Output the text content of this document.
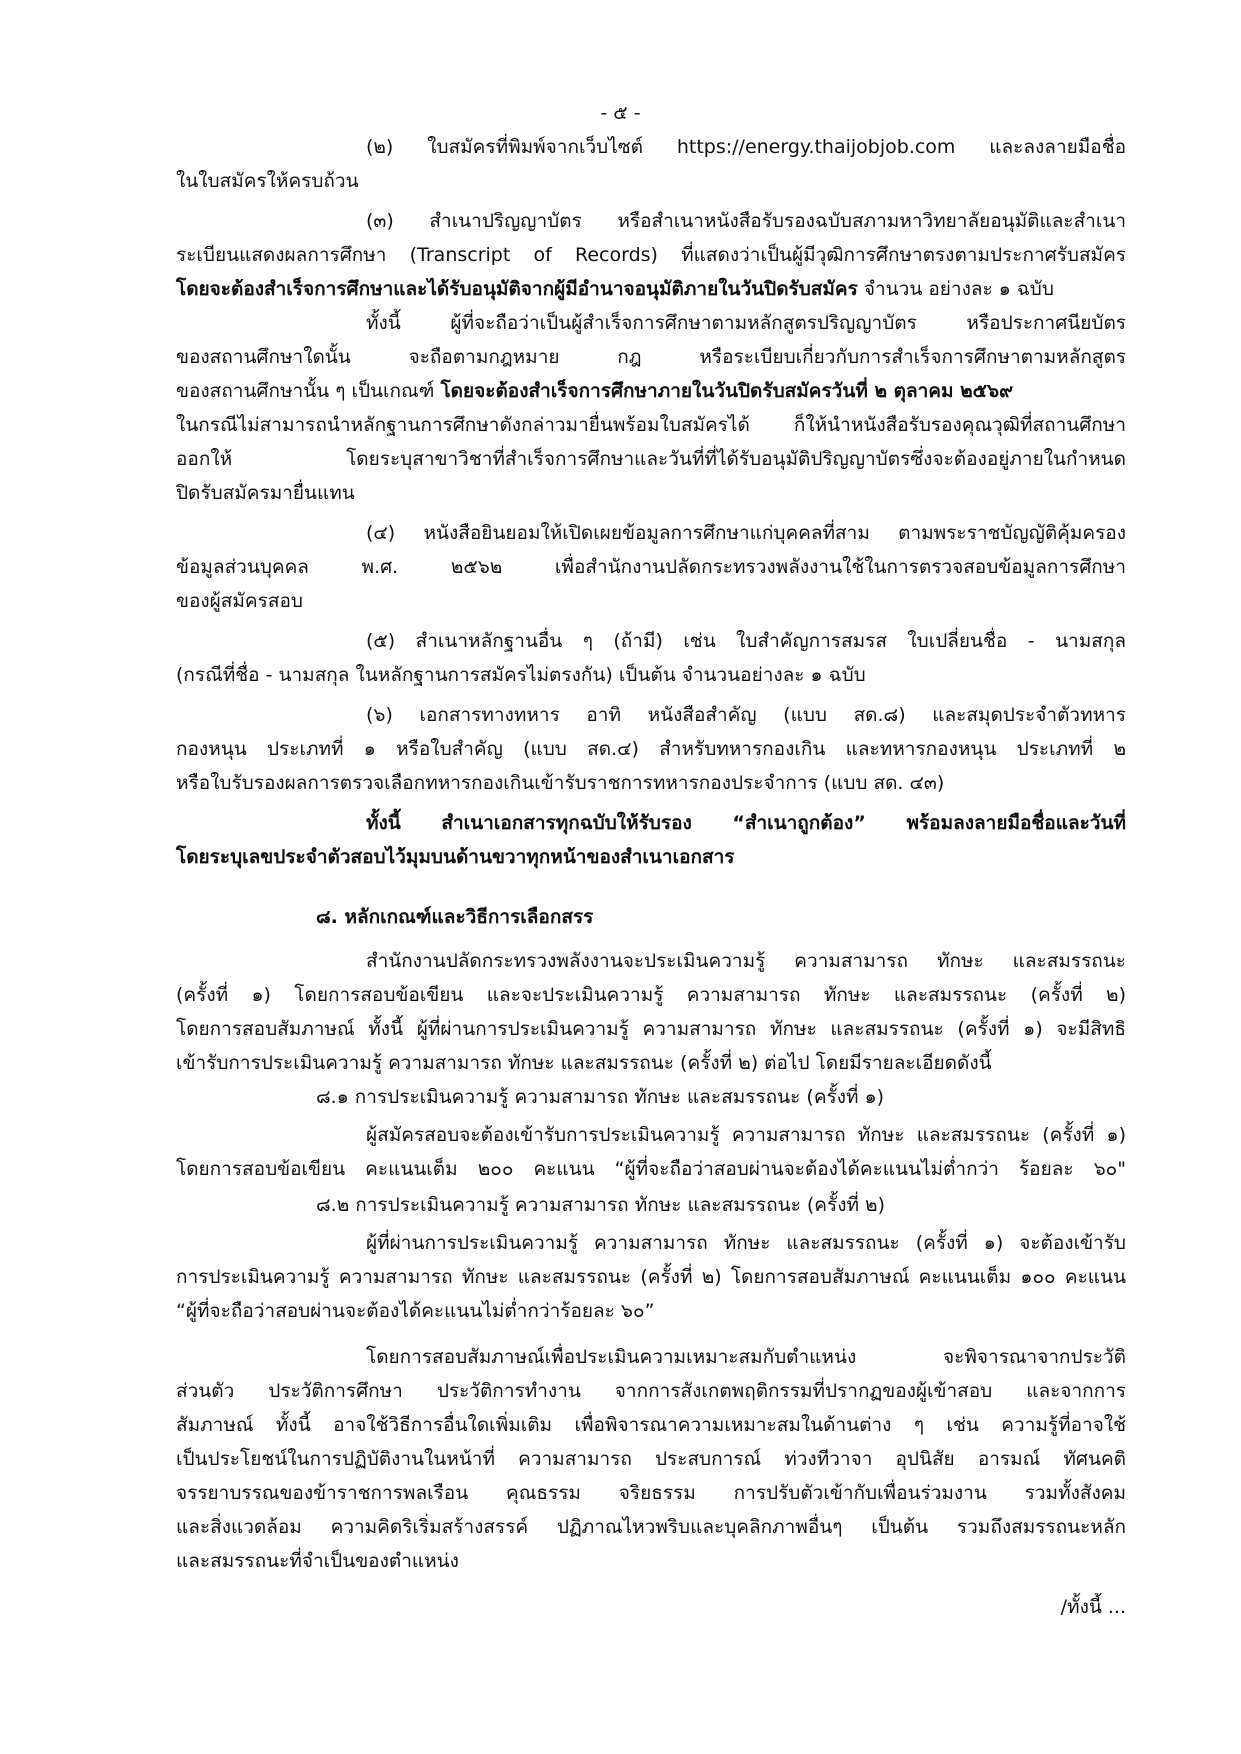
- ๕ -
(๒) ใบสมัครที่พิมพ์จากเว็บไซต์ https://energy.thaijobjob.com และลงลายมือชื่อ
ในใบสมัครให้ครบถ้วน
(๓) สำเนาปริญญาบัตร หรือสำเนาหนังสือรับรองฉบับสภามหาวิทยาลัยอนุมัติและสำเนา
ระเบียนแสดงผลการศึกษา (Transcript of Records) ที่แสดงว่าเป็นผู้มีวุฒิการศึกษาตรงตามประกาศรับสมัคร
โดยจะต้องสำเร็จการศึกษาและได้รับอนุมัติจากผู้มีอำนาจอนุมัติภายในวันปิดรับสมัคร จำนวน อย่างละ ๑ ฉบับ
ทั้งนี้ ผู้ที่จะถือว่าเป็นผู้สำเร็จการศึกษาตามหลักสูตรปริญญาบัตร หรือประกาศนียบัตร
ของสถานศึกษาใดนั้น จะถือตามกฎหมาย กฎ หรือระเบียบเกี่ยวกับการสำเร็จการศึกษาตามหลักสูตร
ของสถานศึกษานั้น ๆ เป็นเกณฑ์ โดยจะต้องสำเร็จการศึกษาภายในวันปิดรับสมัครวันที่ ๒ ตุลาคม ๒๕๖๙
ในกรณีไม่สามารถนำหลักฐานการศึกษาดังกล่าวมายื่นพร้อมใบสมัครได้ ก็ให้นำหนังสือรับรองคุณวุฒิที่สถานศึกษา
ออกให้ โดยระบุสาขาวิชาที่สำเร็จการศึกษาและวันที่ที่ได้รับอนุมัติปริญญาบัตรซึ่งจะต้องอยู่ภายในกำหนด
ปิดรับสมัครมายื่นแทน
(๔) หนังสือยินยอมให้เปิดเผยข้อมูลการศึกษาแก่บุคคลที่สาม ตามพระราชบัญญัติคุ้มครอง
ข้อมูลส่วนบุคคล พ.ศ. ๒๕๖๒ เพื่อสำนักงานปลัดกระทรวงพลังงานใช้ในการตรวจสอบข้อมูลการศึกษา
ของผู้สมัครสอบ
(๕) สำเนาหลักฐานอื่น ๆ (ถ้ามี) เช่น ใบสำคัญการสมรส ใบเปลี่ยนชื่อ - นามสกุล
(กรณีที่ชื่อ - นามสกุล ในหลักฐานการสมัครไม่ตรงกัน) เป็นต้น จำนวนอย่างละ ๑ ฉบับ
(๖) เอกสารทางทหาร อาทิ หนังสือสำคัญ (แบบ สด.๘) และสมุดประจำตัวทหาร
กองหนุน ประเภทที่ ๑ หรือใบสำคัญ (แบบ สด.๔) สำหรับทหารกองเกิน และทหารกองหนุน ประเภทที่ ๒
หรือใบรับรองผลการตรวจเลือกทหารกองเกินเข้ารับราชการทหารกองประจำการ (แบบ สด. ๔๓)
ทั้งนี้ สำเนาเอกสารทุกฉบับให้รับรอง “สำเนาถูกต้อง” พร้อมลงลายมือชื่อและวันที่
โดยระบุเลขประจำตัวสอบไว้มุมบนด้านขวาทุกหน้าของสำเนาเอกสาร
๘. หลักเกณฑ์และวิธีการเลือกสรร
สำนักงานปลัดกระทรวงพลังงานจะประเมินความรู้ ความสามารถ ทักษะ และสมรรถนะ
(ครั้งที่ ๑) โดยการสอบข้อเขียน และจะประเมินความรู้ ความสามารถ ทักษะ และสมรรถนะ (ครั้งที่ ๒)
โดยการสอบสัมภาษณ์ ทั้งนี้ ผู้ที่ผ่านการประเมินความรู้ ความสามารถ ทักษะ และสมรรถนะ (ครั้งที่ ๑) จะมีสิทธิ
เข้ารับการประเมินความรู้ ความสามารถ ทักษะ และสมรรถนะ (ครั้งที่ ๒) ต่อไป โดยมีรายละเอียดดังนี้
๘.๑ การประเมินความรู้ ความสามารถ ทักษะ และสมรรถนะ (ครั้งที่ ๑)
ผู้สมัครสอบจะต้องเข้ารับการประเมินความรู้ ความสามารถ ทักษะ และสมรรถนะ (ครั้งที่ ๑)
โดยการสอบข้อเขียน คะแนนเต็ม ๒๐๐ คะแนน “ผู้ที่จะถือว่าสอบผ่านจะต้องได้คะแนนไม่ต่ำกว่า ร้อยละ ๖๐"
๘.๒ การประเมินความรู้ ความสามารถ ทักษะ และสมรรถนะ (ครั้งที่ ๒)
ผู้ที่ผ่านการประเมินความรู้ ความสามารถ ทักษะ และสมรรถนะ (ครั้งที่ ๑) จะต้องเข้ารับ
การประเมินความรู้ ความสามารถ ทักษะ และสมรรถนะ (ครั้งที่ ๒) โดยการสอบสัมภาษณ์ คะแนนเต็ม ๑๐๐ คะแนน
“ผู้ที่จะถือว่าสอบผ่านจะต้องได้คะแนนไม่ต่ำกว่าร้อยละ ๖๐”
โดยการสอบสัมภาษณ์เพื่อประเมินความเหมาะสมกับตำแหน่ง จะพิจารณาจากประวัติ
ส่วนตัว ประวัติการศึกษา ประวัติการทำงาน จากการสังเกตพฤติกรรมที่ปรากฏของผู้เข้าสอบ และจากการ
สัมภาษณ์ ทั้งนี้ อาจใช้วิธีการอื่นใดเพิ่มเติม เพื่อพิจารณาความเหมาะสมในด้านต่าง ๆ เช่น ความรู้ที่อาจใช้
เป็นประโยชน์ในการปฏิบัติงานในหน้าที่ ความสามารถ ประสบการณ์ ท่วงทีวาจา อุปนิสัย อารมณ์ ทัศนคติ
จรรยาบรรณของข้าราชการพลเรือน คุณธรรม จริยธรรม การปรับตัวเข้ากับเพื่อนร่วมงาน รวมทั้งสังคม
และสิ่งแวดล้อม ความคิดริเริ่มสร้างสรรค์ ปฏิภาณไหวพริบและบุคลิกภาพอื่นๆ เป็นต้น รวมถึงสมรรถนะหลัก
และสมรรถนะที่จำเป็นของตำแหน่ง
/ทั้งนี้ ...
